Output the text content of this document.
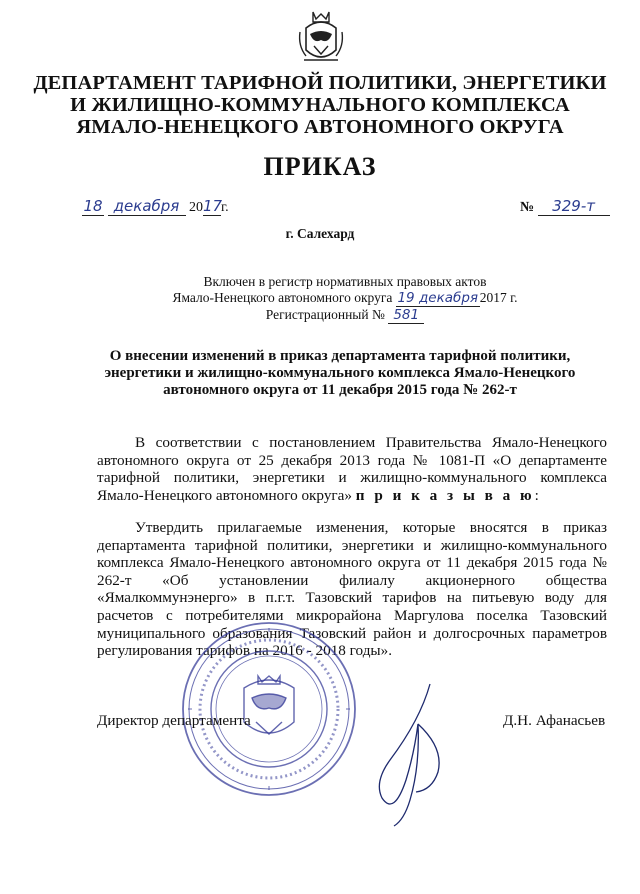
ДЕПАРТАМЕНТ ТАРИФНОЙ ПОЛИТИКИ, ЭНЕРГЕТИКИ
И ЖИЛИЩНО-КОММУНАЛЬНОГО КОМПЛЕКСА
ЯМАЛО-НЕНЕЦКОГО АВТОНОМНОГО ОКРУГА
ПРИКАЗ
18 декабря 2017г.	№ 329-т
г. Салехард
Включен в регистр нормативных правовых актов
Ямало-Ненецкого автономного округа 19 декабря 2017 г.
Регистрационный № 581
О внесении изменений в приказ департамента тарифной политики, энергетики и жилищно-коммунального комплекса Ямало-Ненецкого автономного округа от 11 декабря 2015 года № 262-т
В соответствии с постановлением Правительства Ямало-Ненецкого автономного округа от 25 декабря 2013 года № 1081-П «О департаменте тарифной политики, энергетики и жилищно-коммунального комплекса Ямало-Ненецкого автономного округа» п р и к а з ы в а ю:
Утвердить прилагаемые изменения, которые вносятся в приказ департамента тарифной политики, энергетики и жилищно-коммунального комплекса Ямало-Ненецкого автономного округа от 11 декабря 2015 года № 262-т «Об установлении филиалу акционерного общества «Ямалкоммунэнерго» в п.г.т. Тазовский тарифов на питьевую воду для расчетов с потребителями микрорайона Маргулова поселка Тазовский муниципального образования Тазовский район и долгосрочных параметров регулирования тарифов на 2016 - 2018 годы».
Директор департамента	Д.Н. Афанасьев
